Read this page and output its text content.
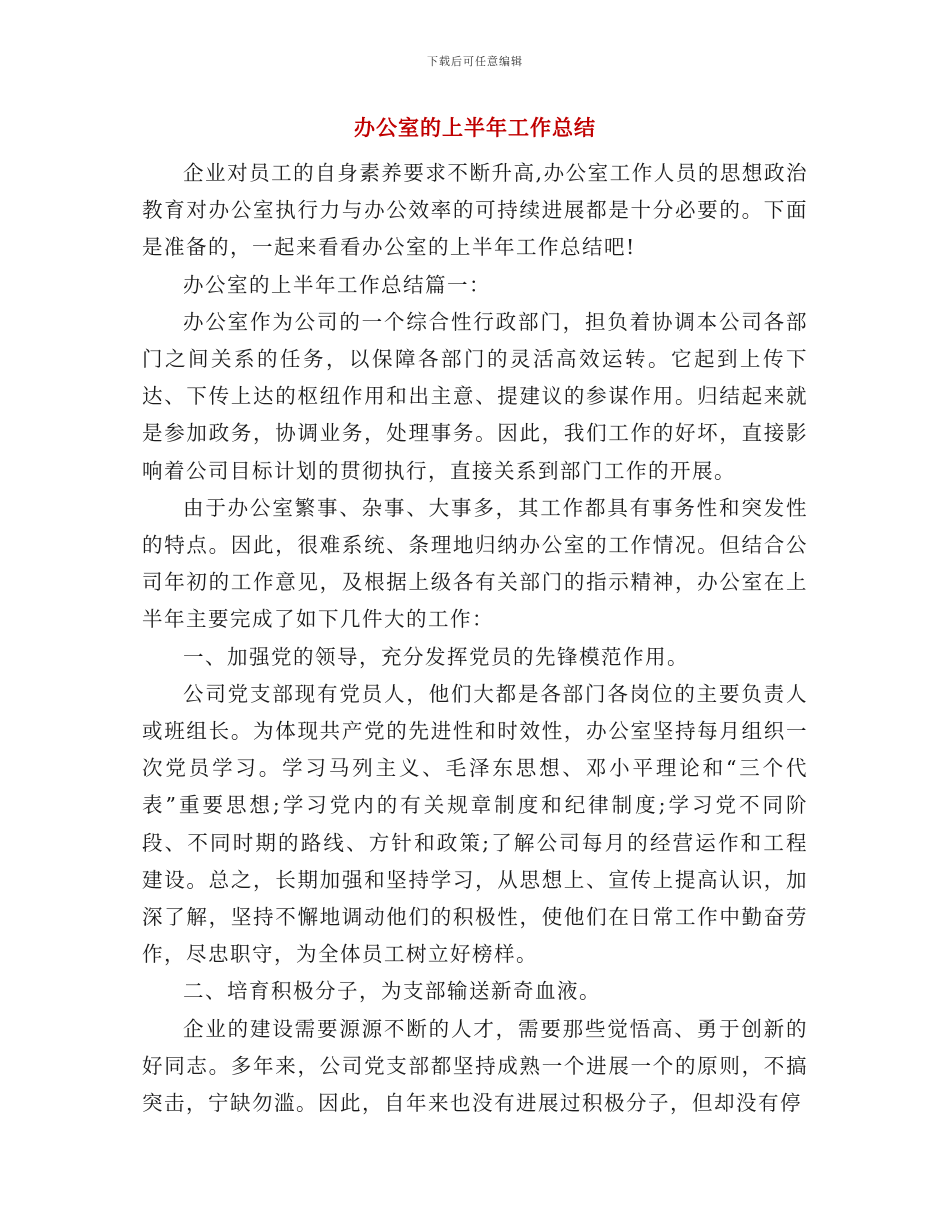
下载后可任意编辑
办公室的上半年工作总结

企业对员工的自身素养要求不断升高,办公室工作人员的思想政治教育对办公室执行力与办公效率的可持续进展都是十分必要的。下面是准备的，一起来看看办公室的上半年工作总结吧!

办公室的上半年工作总结篇一：

办公室作为公司的一个综合性行政部门，担负着协调本公司各部门之间关系的任务，以保障各部门的灵活高效运转。它起到上传下达、下传上达的枢纽作用和出主意、提建议的参谋作用。归结起来就是参加政务，协调业务，处理事务。因此，我们工作的好坏，直接影响着公司目标计划的贯彻执行，直接关系到部门工作的开展。

由于办公室繁事、杂事、大事多，其工作都具有事务性和突发性的特点。因此，很难系统、条理地归纳办公室的工作情况。但结合公司年初的工作意见，及根据上级各有关部门的指示精神，办公室在上半年主要完成了如下几件大的工作：

一、加强党的领导，充分发挥党员的先锋模范作用。

公司党支部现有党员人，他们大都是各部门各岗位的主要负责人或班组长。为体现共产党的先进性和时效性，办公室坚持每月组织一次党员学习。学习马列主义、毛泽东思想、邓小平理论和“三个代表”重要思想;学习党内的有关规章制度和纪律制度;学习党不同阶段、不同时期的路线、方针和政策;了解公司每月的经营运作和工程建设。总之，长期加强和坚持学习，从思想上、宣传上提高认识，加深了解，坚持不懈地调动他们的积极性，使他们在日常工作中勤奋劳作，尽忠职守，为全体员工树立好榜样。

二、培育积极分子，为支部输送新奇血液。

企业的建设需要源源不断的人才，需要那些觉悟高、勇于创新的好同志。多年来，公司党支部都坚持成熟一个进展一个的原则，不搞突击，宁缺勿滥。因此，自年来也没有进展过积极分子，但却没有停
